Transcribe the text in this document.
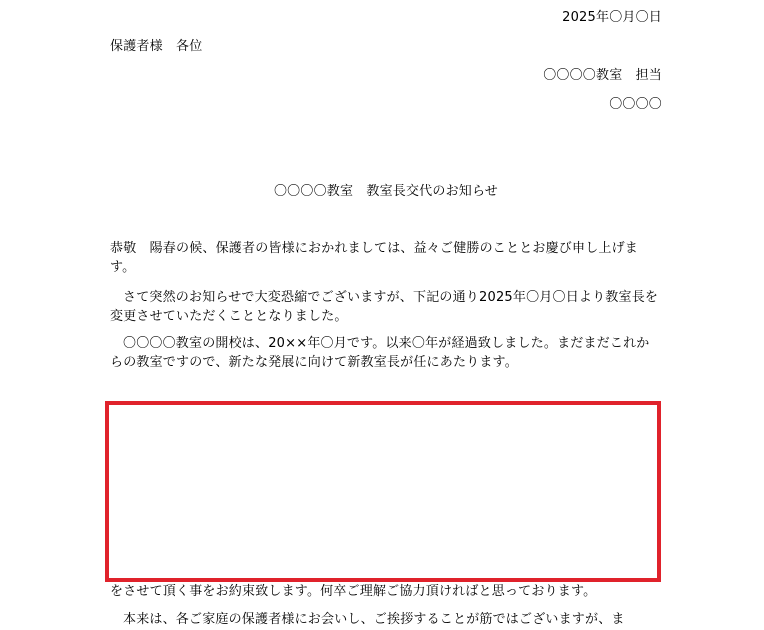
2025年〇月〇日
保護者様　各位
〇〇〇〇教室　担当
〇〇〇〇
〇〇〇〇教室　教室長交代のお知らせ
恭敬　陽春の候、保護者の皆様におかれましては、益々ご健勝のこととお慶び申し上げます。
さて突然のお知らせで大変恐縮でございますが、下記の通り2025年〇月〇日より教室長を変更させていただくこととなりました。
〇〇〇〇教室の開校は、20××年〇月です。以来〇年が経過致しました。まだまだこれからの教室ですので、新たな発展に向けて新教室長が任にあたります。
をさせて頂く事をお約束致します。何卒ご理解ご協力頂ければと思っております。
本来は、各ご家庭の保護者様にお会いし、ご挨拶することが筋ではございますが、ま
